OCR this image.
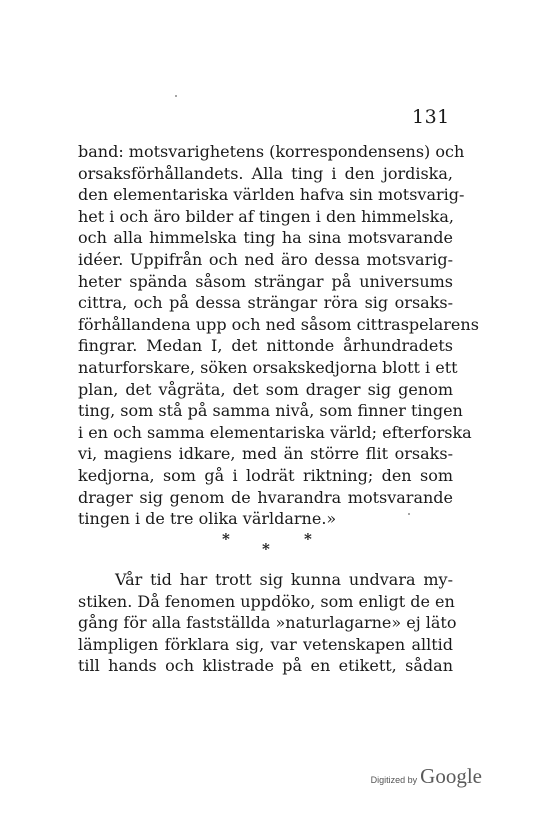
131
band: motsvarighetens (korrespondensens) och
orsaksförhållandets. Alla ting i den jordiska,
den elementariska världen hafva sin motsvarig-
het i och äro bilder af tingen i den himmelska,
och alla himmelska ting ha sina motsvarande
idéer. Uppifrån och ned äro dessa motsvarig-
heter spända såsom strängar på universums
cittra, och på dessa strängar röra sig orsaks-
förhållandena upp och ned såsom cittraspelarens
fingrar. Medan I, det nittonde århundradets
naturforskare, söken orsakskedjorna blott i ett
plan, det vågräta, det som drager sig genom
ting, som stå på samma nivå, som finner tingen
i en och samma elementariska värld; efterforska
vi, magiens idkare, med än större flit orsaks-
kedjorna, som gå i lodrät riktning; den som
drager sig genom de hvarandra motsvarande
tingen i de tre olika världarne.»
*
*
*
Vår tid har trott sig kunna undvara my-
stiken. Då fenomen uppdöko, som enligt de en
gång för alla fastställda »naturlagarne» ej läto
lämpligen förklara sig, var vetenskapen alltid
till hands och klistrade på en etikett, sådan
Digitized by Google
